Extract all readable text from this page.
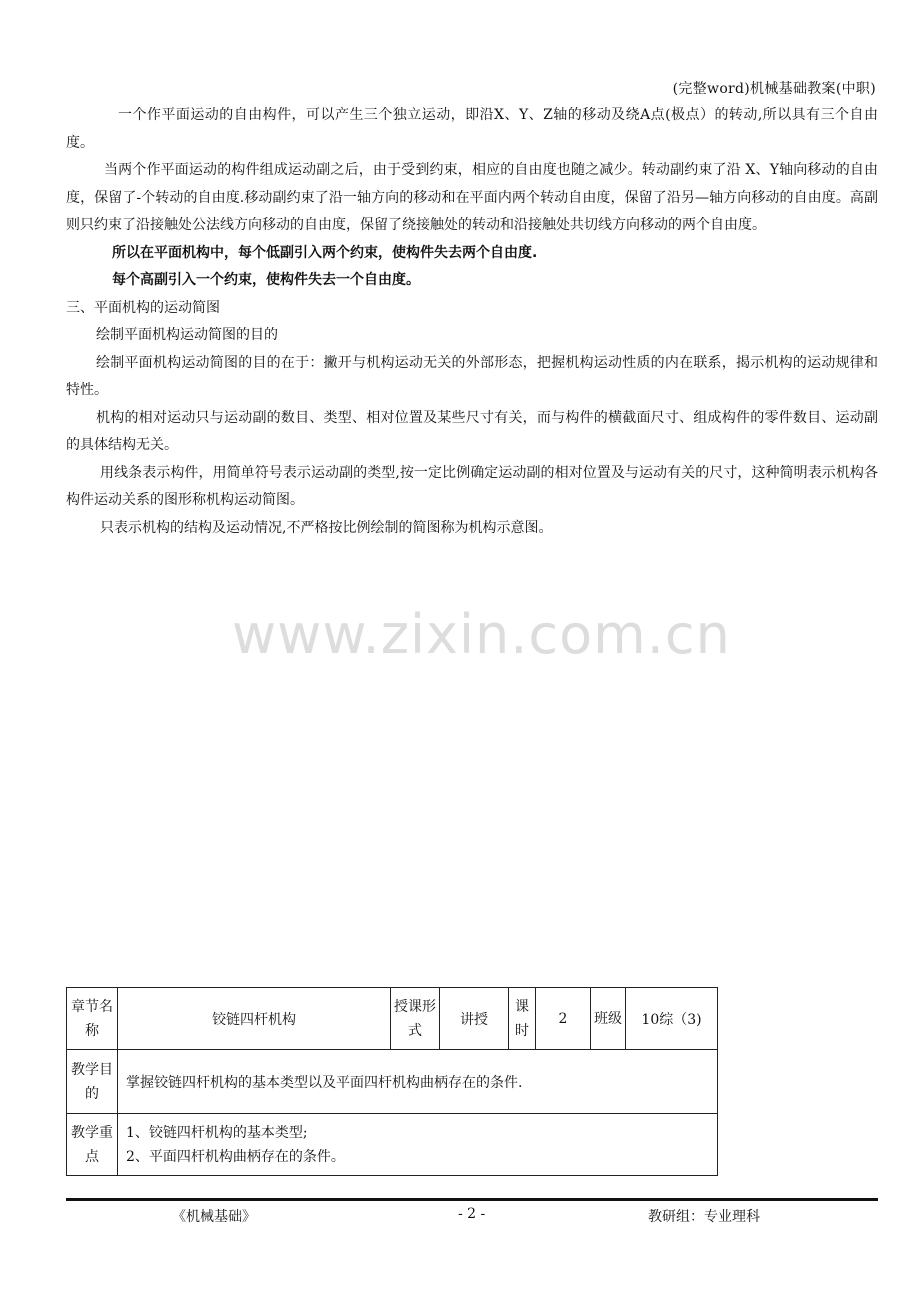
(完整word)机械基础教案(中职)

一个作平面运动的自由构件，可以产生三个独立运动，即沿X、Y、Z轴的移动及绕A点(极点）的转动,所以具有三个自由度。

当两个作平面运动的构件组成运动副之后，由于受到约束，相应的自由度也随之减少。转动副约束了沿 X、Y轴向移动的自由度，保留了-个转动的自由度.移动副约束了沿一轴方向的移动和在平面内两个转动自由度，保留了沿另—轴方向移动的自由度。高副则只约束了沿接触处公法线方向移动的自由度，保留了绕接触处的转动和沿接触处共切线方向移动的两个自由度。

所以在平面机构中，每个低副引入两个约束，使构件失去两个自由度.

每个高副引入一个约束，使构件失去一个自由度。

三、平面机构的运动简图

绘制平面机构运动简图的目的

绘制平面机构运动简图的目的在于：撇开与机构运动无关的外部形态，把握机构运动性质的内在联系，揭示机构的运动规律和特性。

机构的相对运动只与运动副的数目、类型、相对位置及某些尺寸有关，而与构件的横截面尺寸、组成构件的零件数目、运动副的具体结构无关。

用线条表示构件，用简单符号表示运动副的类型,按一定比例确定运动副的相对位置及与运动有关的尺寸，这种简明表示机构各构件运动关系的图形称机构运动简图。

只表示机构的结构及运动情况,不严格按比例绘制的简图称为机构示意图。

www.zixin.com.cn
章节名称	铰链四杆机构	授课形式	讲授	课时	2	班级	10综（3)
教学目的	掌握铰链四杆机构的基本类型以及平面四杆机构曲柄存在的条件.						
教学重点	1、铰链四杆机构的基本类型;
2、平面四杆机构曲柄存在的条件。						
《机械基础》	- 2 -	教研组：专业理科
